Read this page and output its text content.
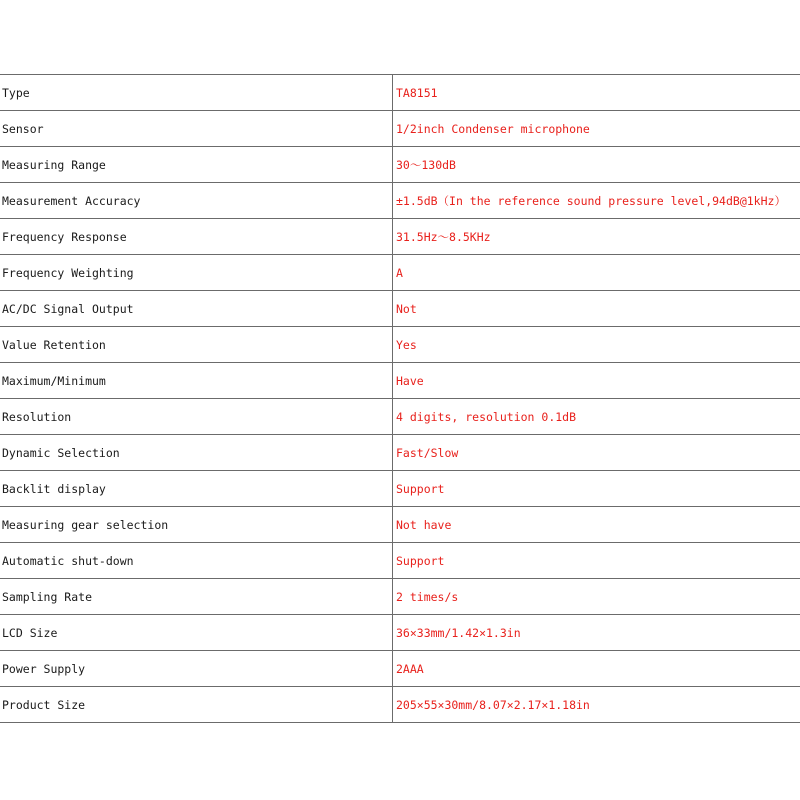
Type	TA8151
Sensor	1/2inch Condenser microphone
Measuring Range	30～130dB
Measurement Accuracy	±1.5dB（In the reference sound pressure level,94dB@1kHz）
Frequency Response	31.5Hz～8.5KHz
Frequency Weighting	A
AC/DC Signal Output	Not
Value Retention	Yes
Maximum/Minimum	Have
Resolution	4 digits, resolution 0.1dB
Dynamic Selection	Fast/Slow
Backlit display	Support
Measuring gear selection	Not have
Automatic shut-down	Support
Sampling Rate	2 times/s
LCD Size	36×33mm/1.42×1.3in
Power Supply	2AAA
Product Size	205×55×30mm/8.07×2.17×1.18in
